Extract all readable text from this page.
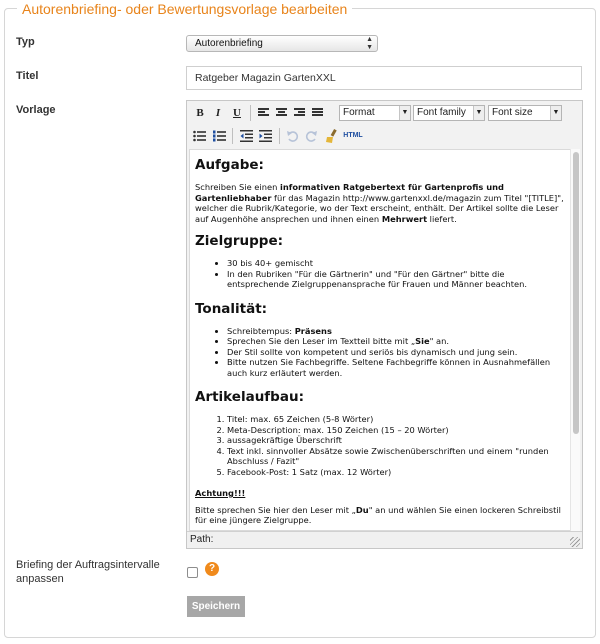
Autorenbriefing- oder Bewertungsvorlage bearbeiten
Typ	Autorenbriefing	▲
▼
Titel	Ratgeber Magazin GartenXXL
Vorlage	B	I	U	Format	▼ Font family	▼ Font size	▼
HTML
Aufgabe:

Schreiben Sie einen informativen Ratgebertext für Gartenprofis und Gartenliebhaber für das Magazin http://www.gartenxxl.de/magazin zum Titel "[TITLE]", welcher die Rubrik/Kategorie, wo der Text erscheint, enthält. Der Artikel sollte die Leser auf Augenhöhe ansprechen und ihnen einen Mehrwert liefert.

Zielgruppe:
• 30 bis 40+ gemischt
• In den Rubriken "Für die Gärtnerin" und "Für den Gärtner" bitte die entsprechende Zielgruppenansprache für Frauen und Männer beachten.
Tonalität:
• Schreibtempus: Präsens
• Sprechen Sie den Leser im Textteil bitte mit „Sie" an.
• Der Stil sollte von kompetent und seriös bis dynamisch und jung sein.
• Bitte nutzen Sie Fachbegriffe. Seltene Fachbegriffe können in Ausnahmefällen auch kurz erläutert werden.
Artikelaufbau:
1. Titel: max. 65 Zeichen (5-8 Wörter)
2. Meta-Description: max. 150 Zeichen (15 – 20 Wörter)
3. aussagekräftige Überschrift
4. Text inkl. sinnvoller Absätze sowie Zwischenüberschriften und einem "runden Abschluss / Fazit"
5. Facebook-Post: 1 Satz (max. 12 Wörter)

Achtung!!!

Bitte sprechen Sie hier den Leser mit „Du" an und wählen Sie einen lockeren Schreibstil für eine jüngere Zielgruppe.

Path:
Briefing der Auftragsintervalle
anpassen
?
Speichern
